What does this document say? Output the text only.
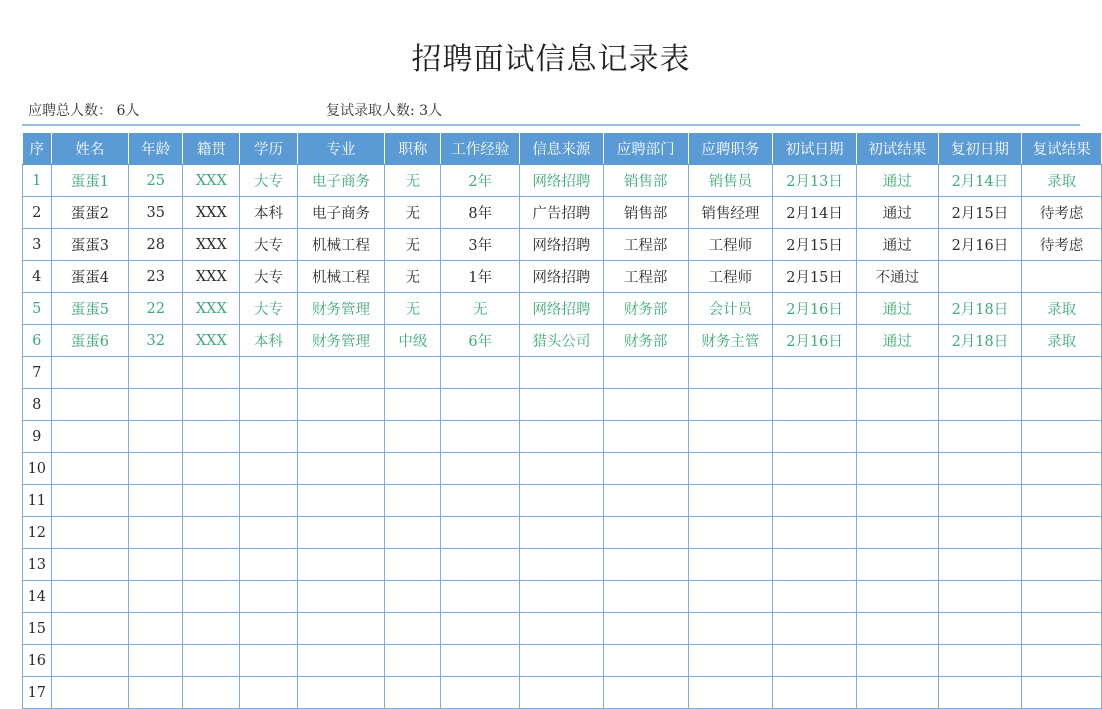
招聘面试信息记录表
应聘总人数： 6人	复试录取人数: 3人
序	姓名	年龄	籍贯	学历	专业	职称	工作经验	信息来源	应聘部门	应聘职务	初试日期	初试结果	复初日期	复试结果
1	蛋蛋1	25	XXX	大专	电子商务	无	2年	网络招聘	销售部	销售员	2月13日	通过	2月14日	录取
2	蛋蛋2	35	XXX	本科	电子商务	无	8年	广告招聘	销售部	销售经理	2月14日	通过	2月15日	待考虑
3	蛋蛋3	28	XXX	大专	机械工程	无	3年	网络招聘	工程部	工程师	2月15日	通过	2月16日	待考虑
4	蛋蛋4	23	XXX	大专	机械工程	无	1年	网络招聘	工程部	工程师	2月15日	不通过		
5	蛋蛋5	22	XXX	大专	财务管理	无	无	网络招聘	财务部	会计员	2月16日	通过	2月18日	录取
6	蛋蛋6	32	XXX	本科	财务管理	中级	6年	猎头公司	财务部	财务主管	2月16日	通过	2月18日	录取
7														
8														
9														
10														
11														
12														
13														
14														
15														
16														
17														
